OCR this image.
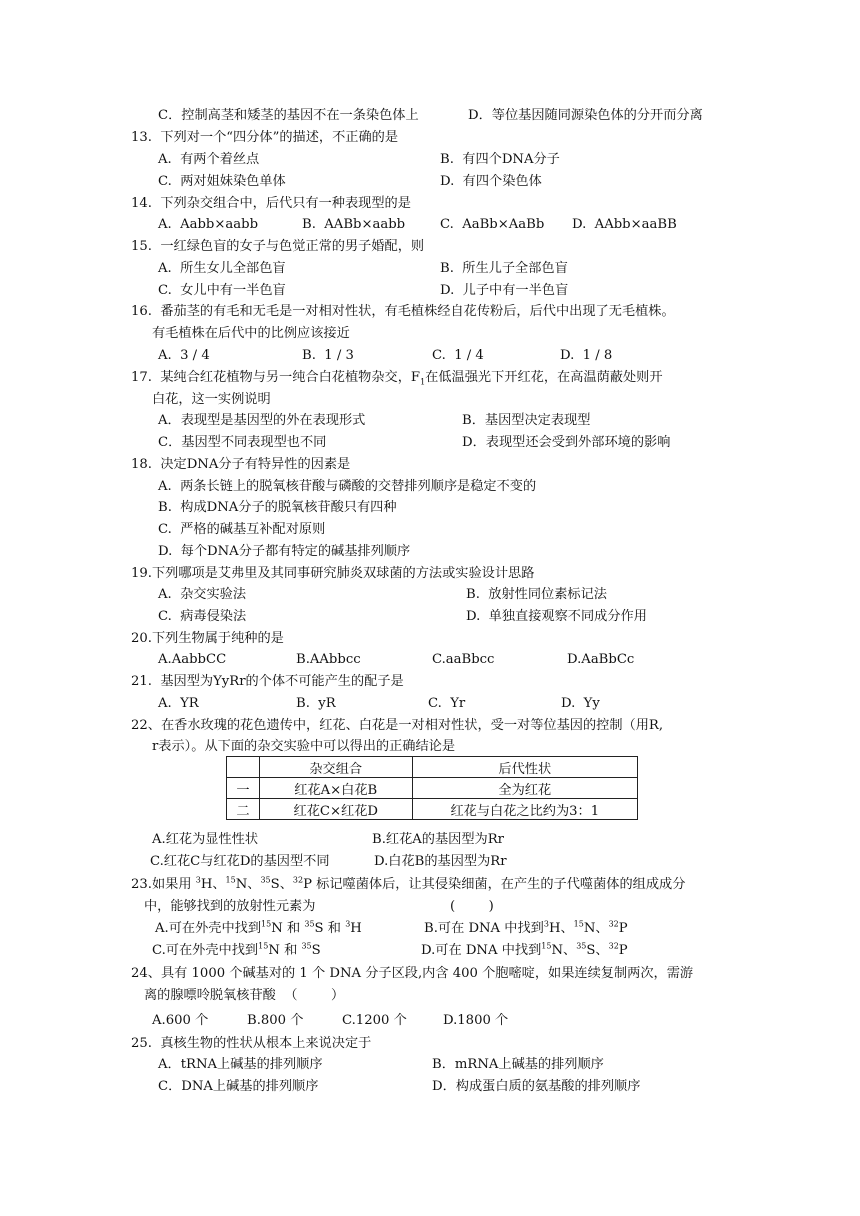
C．控制高茎和矮茎的基因不在一条染色体上	D．等位基因随同源染色体的分开而分离
13.  下列对一个“四分体”的描述，不正确的是
A.  有两个着丝点	B.  有四个DNA分子
C.  两对姐妹染色单体	D.  有四个染色体
14.  下列杂交组合中，后代只有一种表现型的是
A.  Aabb×aabb	B.  AABb×aabb	C.  AaBb×AaBb D.  AAbb×aaBB
15.  一红绿色盲的女子与色觉正常的男子婚配，则
A.  所生女儿全部色盲	B.  所生儿子全部色盲
C.  女儿中有一半色盲	D.  儿子中有一半色盲
16.  番茄茎的有毛和无毛是一对相对性状，有毛植株经自花传粉后，后代中出现了无毛植株。
有毛植株在后代中的比例应该接近
A.  3 / 4	B.  1 / 3	C.  1 / 4	D.  1 / 8
17.  某纯合红花植物与另一纯合白花植物杂交，$F_1$在低温强光下开红花，在高温荫蔽处则开
白花，这一实例说明
A．表现型是基因型的外在表现形式	B．基因型决定表现型
C．基因型不同表现型也不同	D．表现型还会受到外部环境的影响
18.  决定DNA分子有特异性的因素是
A.  两条长链上的脱氧核苷酸与磷酸的交替排列顺序是稳定不变的
B.  构成DNA分子的脱氧核苷酸只有四种
C.  严格的碱基互补配对原则
D.  每个DNA分子都有特定的碱基排列顺序
19.下列哪项是艾弗里及其同事研究肺炎双球菌的方法或实验设计思路
A.  杂交实验法	B.  放射性同位素标记法
C.  病毒侵染法	D.  单独直接观察不同成分作用
20.下列生物属于纯种的是
A.AabbCC	B.AAbbcc	C.aaBbcc	D.AaBbCc
21.  基因型为YyRr的个体不可能产生的配子是
A.  YR	B.  yR	C.  Yr	D.  Yy
22、在香水玫瑰的花色遗传中，红花、白花是一对相对性状，受一对等位基因的控制（用R,
r表示）。从下面的杂交实验中可以得出的正确结论是
	杂交组合	后代性状
一	红花A×白花B	全为红花
二	红花C×红花D	红花与白花之比约为3：1
A.红花为显性性状	B.红花A的基因型为Rr
C.红花C与红花D的基因型不同	D.白花B的基因型为Rr
23.如果用 $^3$H、$^{15}$N、$^{35}$S、$^{32}$P 标记噬菌体后，让其侵染细菌，在产生的子代噬菌体的组成成分
中，能够找到的放射性元素为	(        )
A.可在外壳中找到$^{15}$N 和 $^{35}$S 和 $^3$H	B.可在 DNA 中找到$^3$H、$^{15}$N、$^{32}$P
C.可在外壳中找到$^{15}$N 和 $^{35}$S	D.可在 DNA 中找到$^{15}$N、$^{35}$S、$^{32}$P
24、具有 1000 个碱基对的 1 个 DNA 分子区段,内含 400 个胞嘧啶，如果连续复制两次，需游
离的腺嘌呤脱氧核苷酸  （        ）
A.600 个	B.800 个	C.1200 个	D.1800 个
25.  真核生物的性状从根本上来说决定于
A．tRNA上碱基的排列顺序	B．mRNA上碱基的排列顺序
C．DNA上碱基的排列顺序	D．构成蛋白质的氨基酸的排列顺序
